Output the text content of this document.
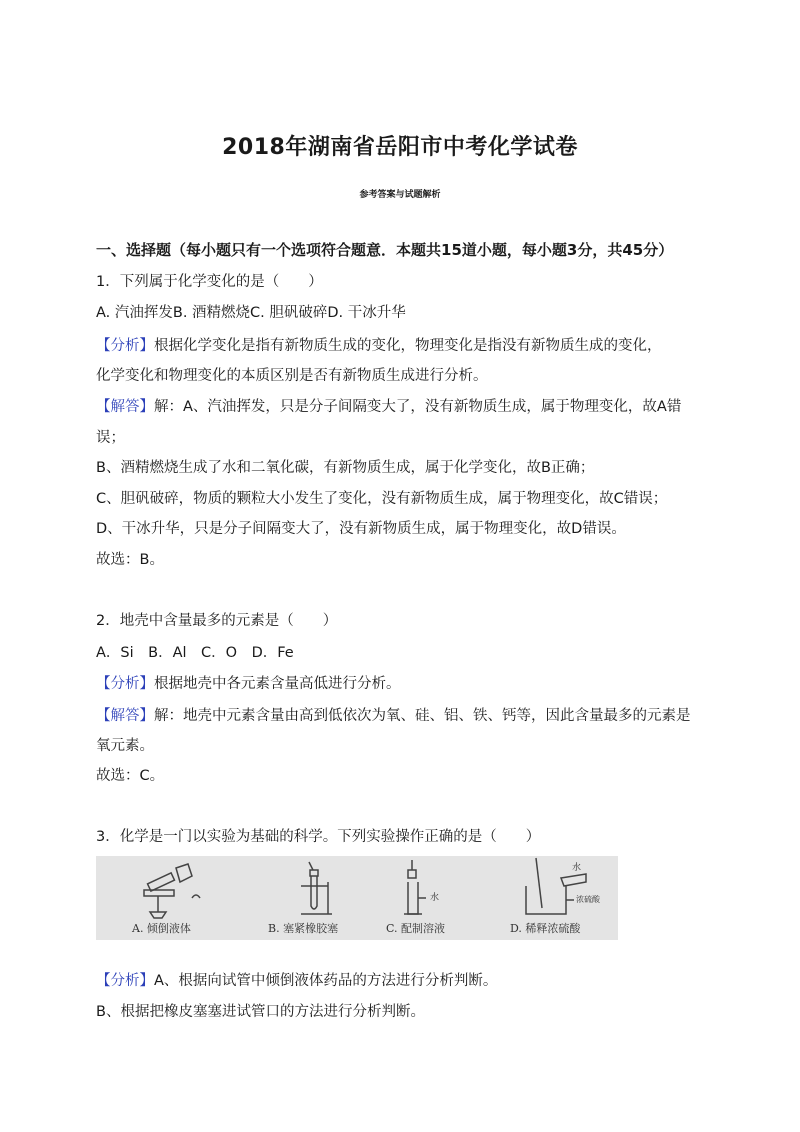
2018年湖南省岳阳市中考化学试卷
参考答案与试题解析
一、选择题（每小题只有一个选项符合题意．本题共15道小题，每小题3分，共45分）
1．下列属于化学变化的是（　　）
A. 汽油挥发B. 酒精燃烧C. 胆矾破碎D. 干冰升华
【分析】根据化学变化是指有新物质生成的变化，物理变化是指没有新物质生成的变化，
化学变化和物理变化的本质区别是否有新物质生成进行分析。
【解答】解：A、汽油挥发，只是分子间隔变大了，没有新物质生成，属于物理变化，故A错
误；
B、酒精燃烧生成了水和二氧化碳，有新物质生成，属于化学变化，故B正确；
C、胆矾破碎，物质的颗粒大小发生了变化，没有新物质生成，属于物理变化，故C错误；
D、干冰升华，只是分子间隔变大了，没有新物质生成，属于物理变化，故D错误。
故选：B。
2．地壳中含量最多的元素是（　　）
A．Si　B．Al　C．O　D．Fe
【分析】根据地壳中各元素含量高低进行分析。
【解答】解：地壳中元素含量由高到低依次为氧、硅、铝、铁、钙等，因此含量最多的元素是
氧元素。
故选：C。
3．化学是一门以实验为基础的科学。下列实验操作正确的是（　　）
水
水
浓硫酸
A. 倾倒液体	B. 塞紧橡胶塞	C. 配制溶液	D. 稀释浓硫酸
【分析】A、根据向试管中倾倒液体药品的方法进行分析判断。
B、根据把橡皮塞塞进试管口的方法进行分析判断。
